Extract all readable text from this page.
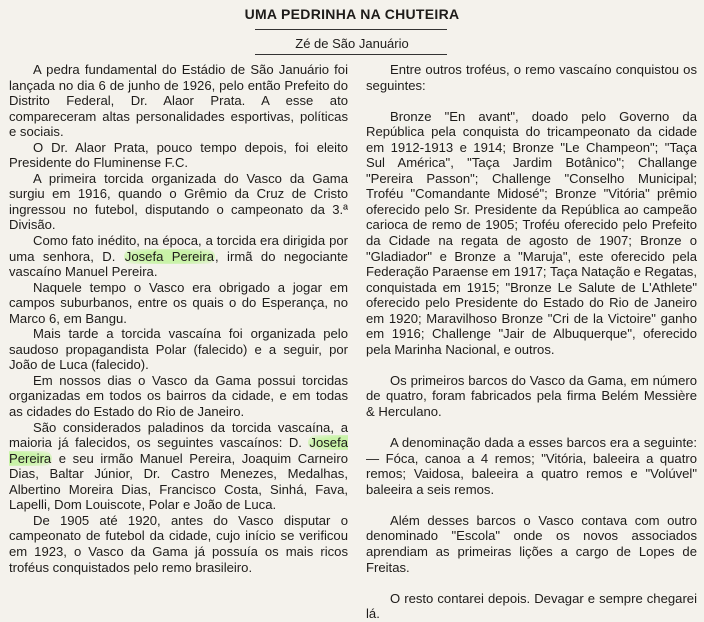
UMA PEDRINHA NA CHUTEIRA
Zé de São Januário

A pedra fundamental do Estádio de São Januário foi lançada no dia 6 de junho de 1926, pelo então Prefeito do Distrito Federal, Dr. Alaor Prata. A esse ato compareceram altas personalidades esportivas, políticas e sociais.

O Dr. Alaor Prata, pouco tempo depois, foi eleito Presidente do Fluminense F.C.

A primeira torcida organizada do Vasco da Gama surgiu em 1916, quando o Grêmio da Cruz de Cristo ingressou no futebol, disputando o campeonato da 3.ª Divisão.

Como fato inédito, na época, a torcida era dirigida por uma senhora, D. Josefa Pereira, irmã do negociante vascaíno Manuel Pereira.

Naquele tempo o Vasco era obrigado a jogar em campos suburbanos, entre os quais o do Esperança, no Marco 6, em Bangu.

Mais tarde a torcida vascaína foi organizada pelo saudoso propagandista Polar (falecido) e a seguir, por João de Luca (falecido).

Em nossos dias o Vasco da Gama possui torcidas organizadas em todos os bairros da cidade, e em todas as cidades do Estado do Rio de Janeiro.

São considerados paladinos da torcida vascaína, a maioria já falecidos, os seguintes vascaínos: D. Josefa Pereira e seu irmão Manuel Pereira, Joaquim Carneiro Dias, Baltar Júnior, Dr. Castro Menezes, Medalhas, Albertino Moreira Dias, Francisco Costa, Sinhá, Fava, Lapelli, Dom Louiscote, Polar e João de Luca.

De 1905 até 1920, antes do Vasco disputar o campeonato de futebol da cidade, cujo início se verificou em 1923, o Vasco da Gama já possuía os mais ricos troféus conquistados pelo remo brasileiro.

Entre outros troféus, o remo vascaíno conquistou os seguintes:

Bronze "En avant", doado pelo Governo da República pela conquista do tricampeonato da cidade em 1912-1913 e 1914; Bronze "Le Champeon"; "Taça Sul América", "Taça Jardim Botânico"; Challange "Pereira Passon"; Challenge "Conselho Municipal; Troféu "Comandante Midosé"; Bronze "Vitória" prêmio oferecido pelo Sr. Presidente da República ao campeão carioca de remo de 1905; Troféu oferecido pelo Prefeito da Cidade na regata de agosto de 1907; Bronze o "Gladiador" e Bronze a "Maruja", este oferecido pela Federação Paraense em 1917; Taça Natação e Regatas, conquistada em 1915; "Bronze Le Salute de L'Athlete" oferecido pelo Presidente do Estado do Rio de Janeiro em 1920; Maravilhoso Bronze "Cri de la Victoire" ganho em 1916; Challenge "Jair de Albuquerque", oferecido pela Marinha Nacional, e outros.

Os primeiros barcos do Vasco da Gama, em número de quatro, foram fabricados pela firma Belém Messière & Herculano.

A denominação dada a esses barcos era a seguinte: — Fóca, canoa a 4 remos; "Vitória, baleeira a quatro remos; Vaidosa, baleeira a quatro remos e "Volúvel" baleeira a seis remos.

Além desses barcos o Vasco contava com outro denominado "Escola" onde os novos associados aprendiam as primeiras lições a cargo de Lopes de Freitas.

O resto contarei depois. Devagar e sempre chegarei lá.
